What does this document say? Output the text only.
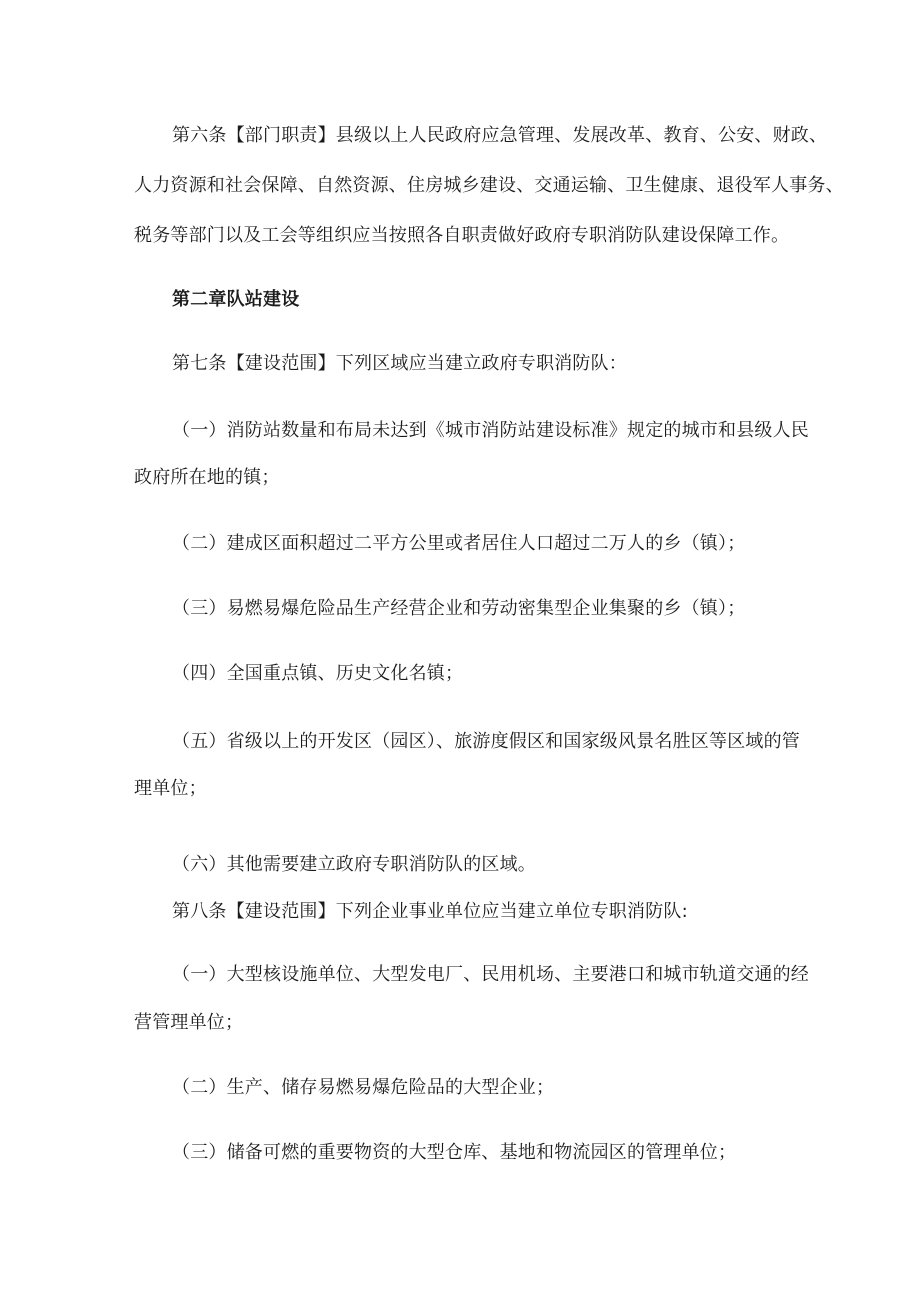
第六条【部门职责】县级以上人民政府应急管理、发展改革、教育、公安、财政、
人力资源和社会保障、自然资源、住房城乡建设、交通运输、卫生健康、退役军人事务、
税务等部门以及工会等组织应当按照各自职责做好政府专职消防队建设保障工作。
第二章队站建设
第七条【建设范围】下列区域应当建立政府专职消防队：
（一）消防站数量和布局未达到《城市消防站建设标准》规定的城市和县级人民
政府所在地的镇；
（二）建成区面积超过二平方公里或者居住人口超过二万人的乡（镇）；
（三）易燃易爆危险品生产经营企业和劳动密集型企业集聚的乡（镇）；
（四）全国重点镇、历史文化名镇；
（五）省级以上的开发区（园区）、旅游度假区和国家级风景名胜区等区域的管
理单位；
（六）其他需要建立政府专职消防队的区域。
第八条【建设范围】下列企业事业单位应当建立单位专职消防队:
（一）大型核设施单位、大型发电厂、民用机场、主要港口和城市轨道交通的经
营管理单位；
（二）生产、储存易燃易爆危险品的大型企业；
（三）储备可燃的重要物资的大型仓库、基地和物流园区的管理单位；
